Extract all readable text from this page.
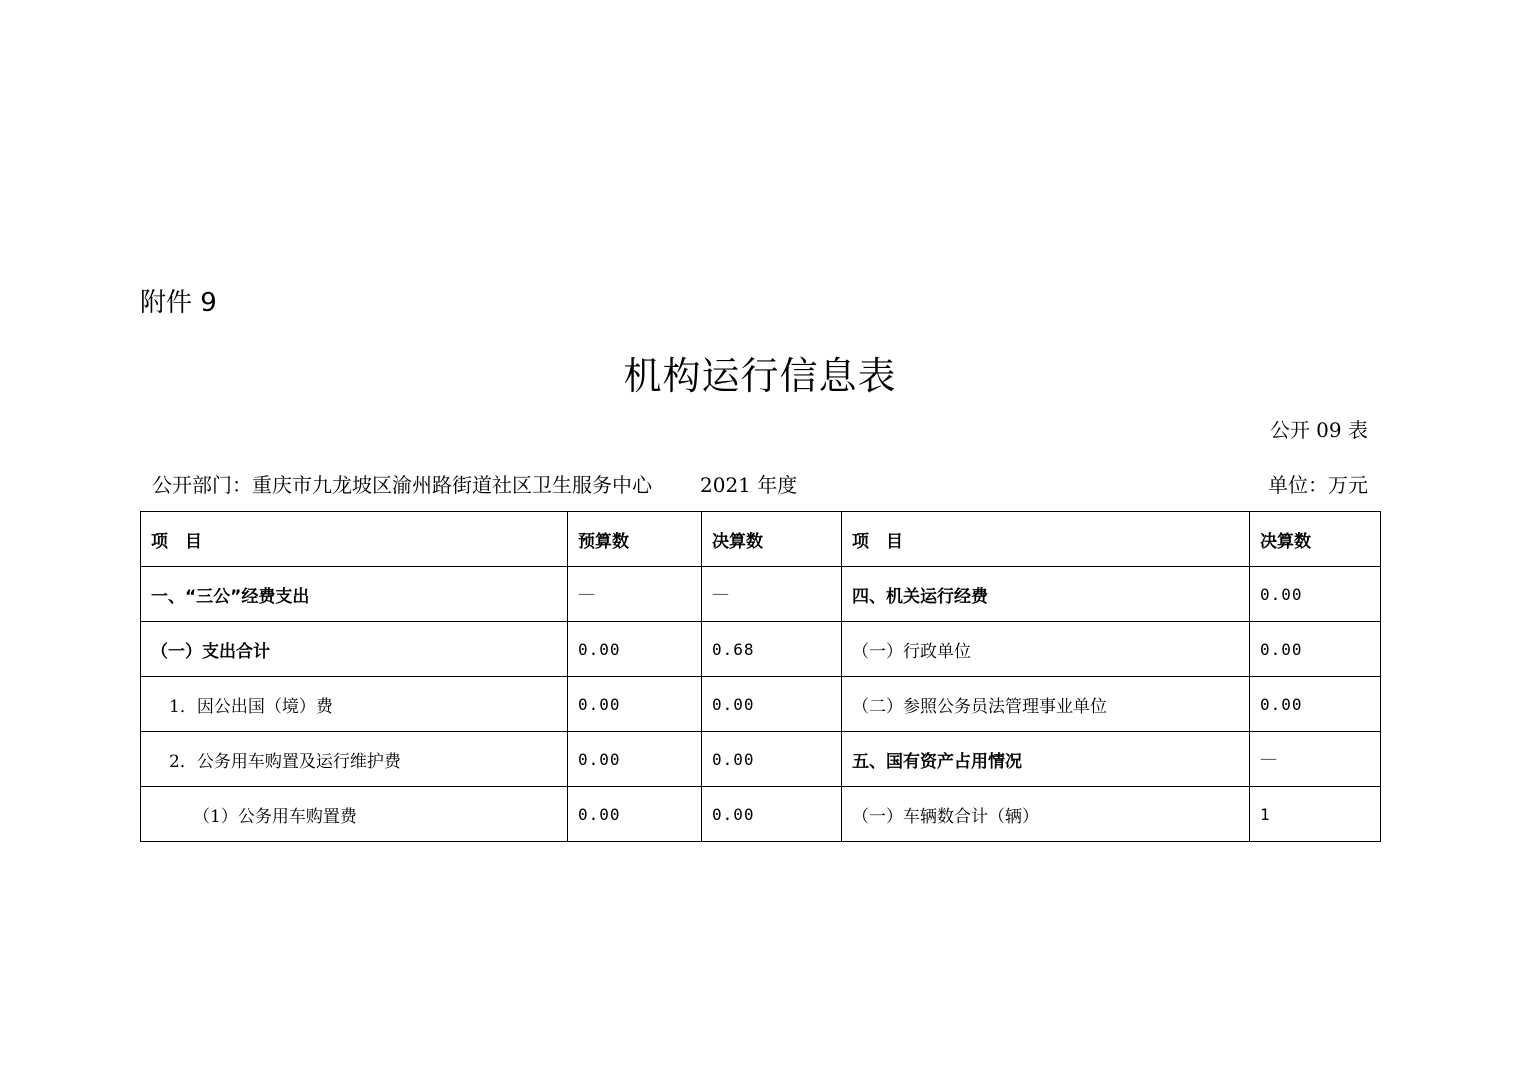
附件 9
机构运行信息表
公开 09 表
公开部门：重庆市九龙坡区渝州路街道社区卫生服务中心 2021 年度	单位：万元
项　目	预算数	决算数	项　目	决算数
一、“三公”经费支出	—	—	四、机关运行经费	0.00
（一）支出合计	0.00	0.68	（一）行政单位	0.00
1．因公出国（境）费	0.00	0.00	（二）参照公务员法管理事业单位	0.00
2．公务用车购置及运行维护费	0.00	0.00	五、国有资产占用情况	—
（1）公务用车购置费	0.00	0.00	（一）车辆数合计（辆）	1
